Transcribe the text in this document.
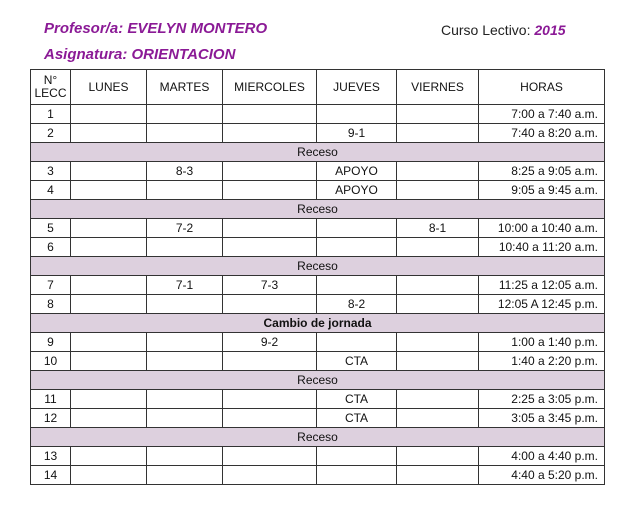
Profesor/a: EVELYN MONTERO
Asignatura: ORIENTACION
Curso Lectivo: 2015
N°
LECC	LUNES	MARTES	MIERCOLES	JUEVES	VIERNES	HORAS
1						7:00 a 7:40 a.m.
2				9-1		7:40 a 8:20 a.m.
Receso						
3		8-3		APOYO		8:25 a 9:05 a.m.
4				APOYO		9:05 a 9:45 a.m.
Receso						
5		7-2			8-1	10:00 a 10:40 a.m.
6						10:40 a 11:20 a.m.
Receso						
7		7-1	7-3			11:25 a 12:05 a.m.
8				8-2		12:05 A 12:45 p.m.
Cambio de jornada						
9			9-2			1:00 a 1:40 p.m.
10				CTA		1:40 a 2:20 p.m.
Receso						
11				CTA		2:25 a 3:05 p.m.
12				CTA		3:05 a 3:45 p.m.
Receso						
13						4:00 a 4:40 p.m.
14						4:40 a 5:20 p.m.
